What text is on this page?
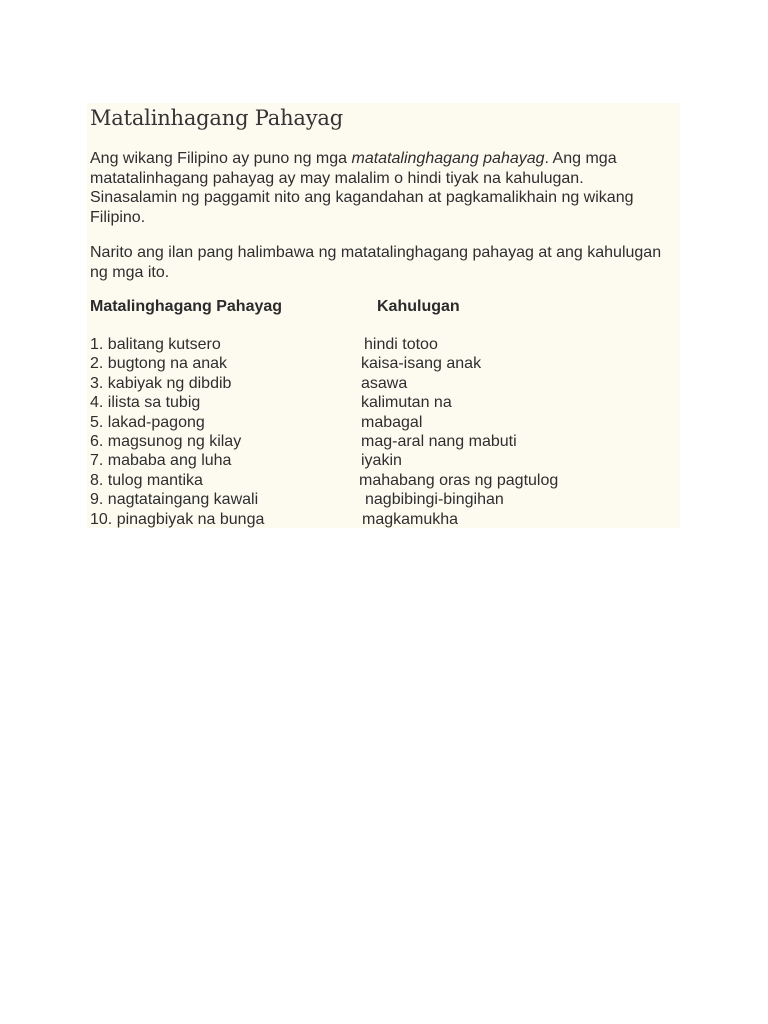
Matalinhagang Pahayag

Ang wikang Filipino ay puno ng mga matatalinghagang pahayag. Ang mga
matatalinhagang pahayag ay may malalim o hindi tiyak na kahulugan.
Sinasalamin ng paggamit nito ang kagandahan at pagkamalikhain ng wikang
Filipino.

Narito ang ilan pang halimbawa ng matatalinghagang pahayag at ang kahulugan
ng mga ito.

Matalinghagang Pahayag	Kahulugan
1. balitang kutsero	hindi totoo
2. bugtong na anak	kaisa-isang anak
3. kabiyak ng dibdib	asawa
4. ilista sa tubig	kalimutan na
5. lakad-pagong	mabagal
6. magsunog ng kilay	mag-aral nang mabuti
7. mababa ang luha	iyakin
8. tulog mantika	mahabang oras ng pagtulog
9. nagtataingang kawali	nagbibingi-bingihan
10. pinagbiyak na bunga	magkamukha
